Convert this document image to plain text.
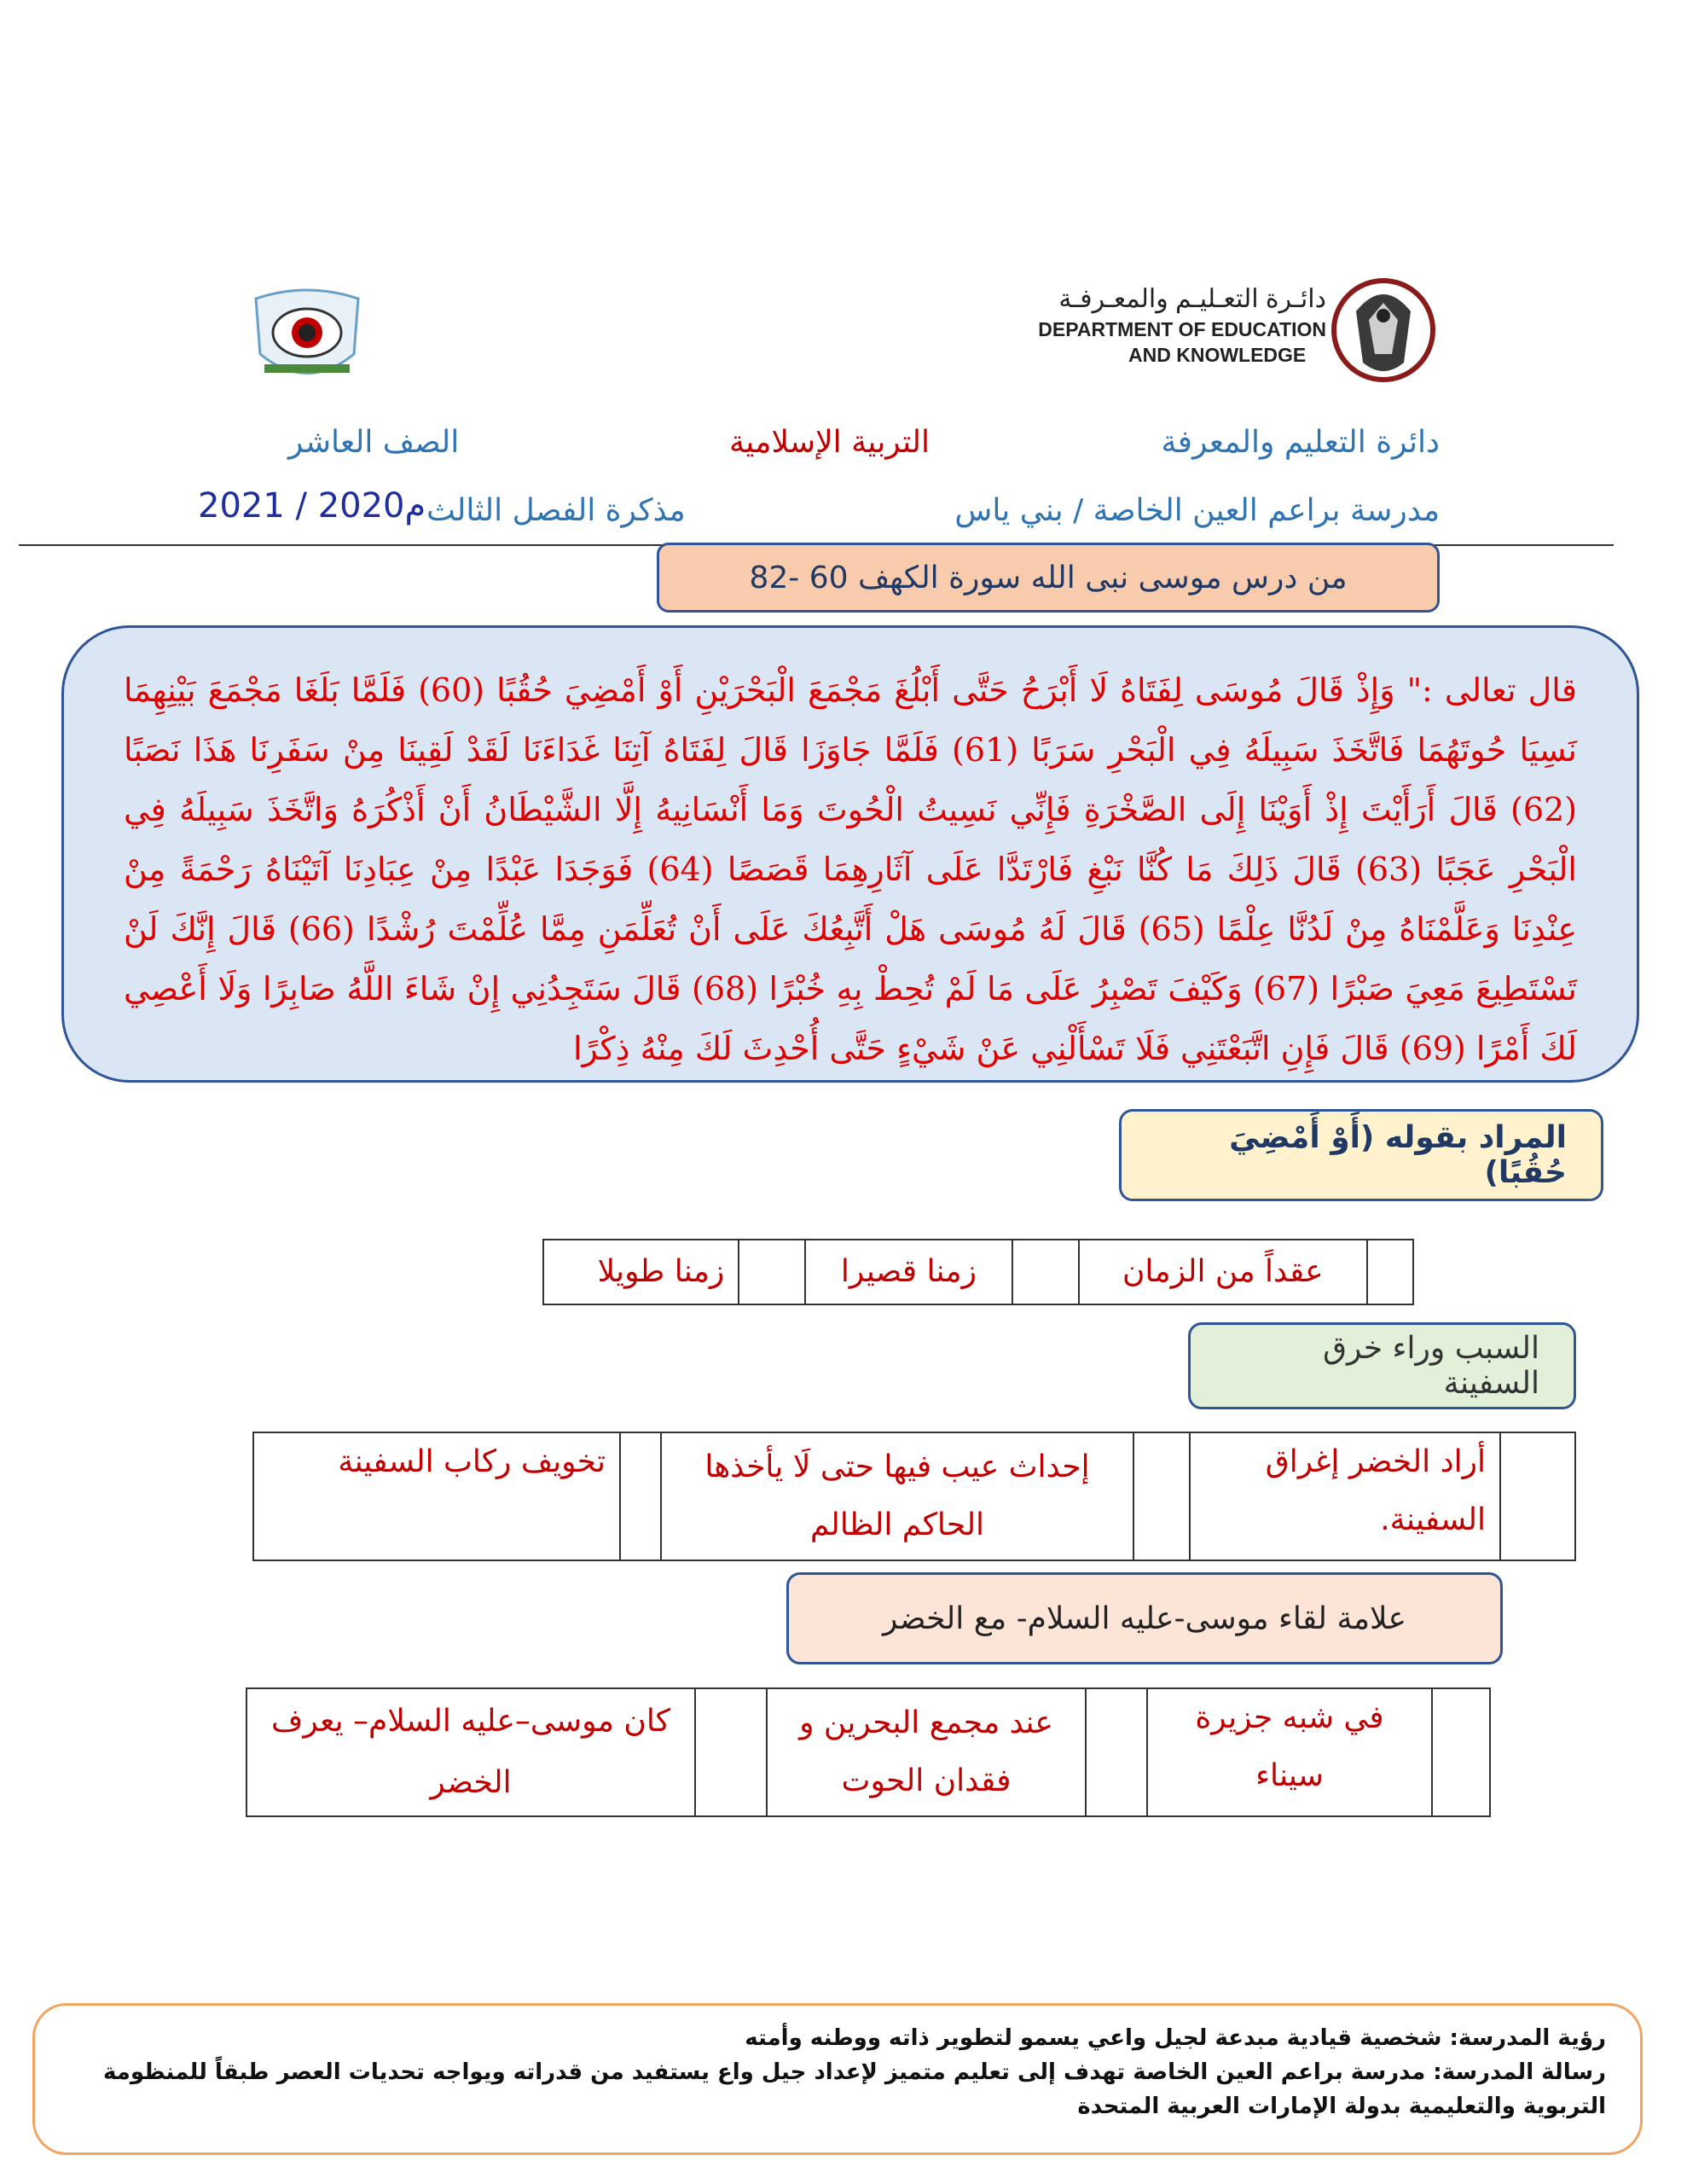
دائـرة التعـليـم والمعـرفـة
DEPARTMENT OF EDUCATION
AND KNOWLEDGE
دائرة التعليم والمعرفة
التربية الإسلامية
الصف العاشر
مدرسة براعم العين الخاصة / بني ياس
مذكرة الفصل الثالث
2021 / 2020م
من درس موسى نبى الله سورة الكهف 60 -82

قال تعالى :" وَإِذْ قَالَ مُوسَى لِفَتَاهُ لَا أَبْرَحُ حَتَّى أَبْلُغَ مَجْمَعَ الْبَحْرَيْنِ أَوْ أَمْضِيَ حُقُبًا (60) فَلَمَّا بَلَغَا مَجْمَعَ بَيْنِهِمَا نَسِيَا حُوتَهُمَا فَاتَّخَذَ سَبِيلَهُ فِي الْبَحْرِ سَرَبًا (61) فَلَمَّا جَاوَزَا قَالَ لِفَتَاهُ آتِنَا غَدَاءَنَا لَقَدْ لَقِينَا مِنْ سَفَرِنَا هَذَا نَصَبًا (62) قَالَ أَرَأَيْتَ إِذْ أَوَيْنَا إِلَى الصَّخْرَةِ فَإِنِّي نَسِيتُ الْحُوتَ وَمَا أَنْسَانِيهُ إِلَّا الشَّيْطَانُ أَنْ أَذْكُرَهُ وَاتَّخَذَ سَبِيلَهُ فِي الْبَحْرِ عَجَبًا (63) قَالَ ذَلِكَ مَا كُنَّا نَبْغِ فَارْتَدَّا عَلَى آثَارِهِمَا قَصَصًا (64) فَوَجَدَا عَبْدًا مِنْ عِبَادِنَا آتَيْنَاهُ رَحْمَةً مِنْ عِنْدِنَا وَعَلَّمْنَاهُ مِنْ لَدُنَّا عِلْمًا (65) قَالَ لَهُ مُوسَى هَلْ أَتَّبِعُكَ عَلَى أَنْ تُعَلِّمَنِ مِمَّا عُلِّمْتَ رُشْدًا (66) قَالَ إِنَّكَ لَنْ تَسْتَطِيعَ مَعِيَ صَبْرًا (67) وَكَيْفَ تَصْبِرُ عَلَى مَا لَمْ تُحِطْ بِهِ خُبْرًا (68) قَالَ سَتَجِدُنِي إِنْ شَاءَ اللَّهُ صَابِرًا وَلَا أَعْصِي لَكَ أَمْرًا (69) قَالَ فَإِنِ اتَّبَعْتَنِي فَلَا تَسْأَلْنِي عَنْ شَيْءٍ حَتَّى أُحْدِثَ لَكَ مِنْهُ ذِكْرًا

المراد بقوله (أَوْ أَمْضِيَ حُقُبًا)
	عقداً من الزمان		زمنا قصيرا		زمنا طويلا
السبب وراء خرق السفينة
	أراد الخضر إغراق السفينة.		إحداث عيب فيها حتى لَا يأخذها الحاكم الظالم		تخويف ركاب السفينة
علامة لقاء موسى-عليه السلام- مع الخضر
	في شبه جزيرة سيناء		عند مجمع البحرين و فقدان الحوت		كان موسى–عليه السلام– يعرف الخضر
رؤية المدرسة: شخصية قيادية مبدعة لجيل واعي يسمو لتطوير ذاته ووطنه وأمته
رسالة المدرسة: مدرسة براعم العين الخاصة تهدف إلى تعليم متميز لإعداد جيل واع يستفيد من قدراته ويواجه تحديات العصر طبقاً للمنظومة التربوية والتعليمية بدولة الإمارات العربية المتحدة
